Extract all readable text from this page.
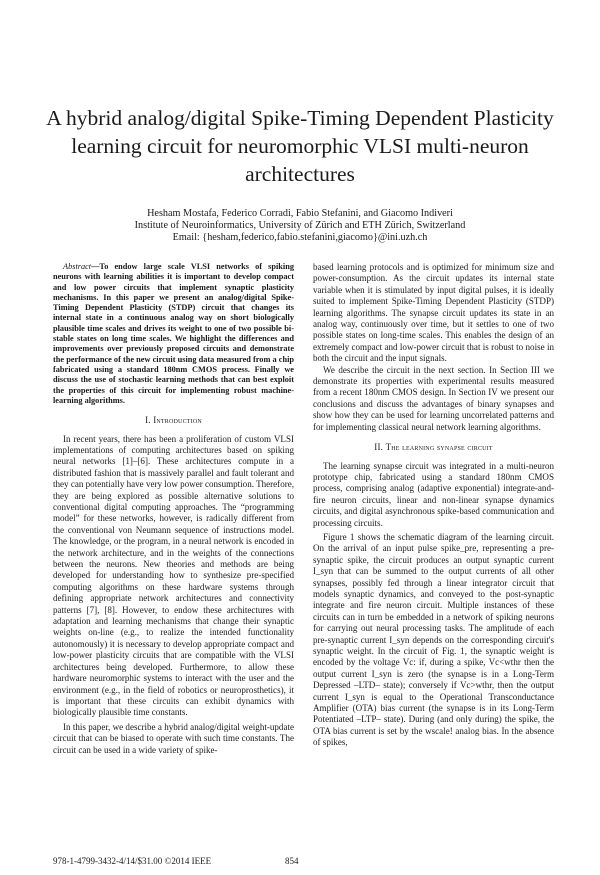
A hybrid analog/digital Spike-Timing Dependent Plasticity learning circuit for neuromorphic VLSI multi-neuron architectures
Hesham Mostafa, Federico Corradi, Fabio Stefanini, and Giacomo Indiveri
Institute of Neuroinformatics, University of Zürich and ETH Zürich, Switzerland
Email: {hesham,federico,fabio.stefanini,giacomo}@ini.uzh.ch

Abstract—To endow large scale VLSI networks of spiking neurons with learning abilities it is important to develop compact and low power circuits that implement synaptic plasticity mechanisms. In this paper we present an analog/digital Spike-Timing Dependent Plasticity (STDP) circuit that changes its internal state in a continuous analog way on short biologically plausible time scales and drives its weight to one of two possible bi-stable states on long time scales. We highlight the differences and improvements over previously proposed circuits and demonstrate the performance of the new circuit using data measured from a chip fabricated using a standard 180nm CMOS process. Finally we discuss the use of stochastic learning methods that can best exploit the properties of this circuit for implementing robust machine-learning algorithms.

I. Introduction

In recent years, there has been a proliferation of custom VLSI implementations of computing architectures based on spiking neural networks [1]–[6]. These architectures compute in a distributed fashion that is massively parallel and fault tolerant and they can potentially have very low power consumption. Therefore, they are being explored as possible alternative solutions to conventional digital computing approaches. The “programming model” for these networks, however, is radically different from the conventional von Neumann sequence of instructions model. The knowledge, or the program, in a neural network is encoded in the network architecture, and in the weights of the connections between the neurons. New theories and methods are being developed for understanding how to synthesize pre-specified computing algorithms on these hardware systems through defining appropriate network architectures and connectivity patterns [7], [8]. However, to endow these architectures with adaptation and learning mechanisms that change their synaptic weights on-line (e.g., to realize the intended functionality autonomously) it is necessary to develop appropriate compact and low-power plasticity circuits that are compatible with the VLSI architectures being developed. Furthermore, to allow these hardware neuromorphic systems to interact with the user and the environment (e.g., in the field of robotics or neuroprosthetics), it is important that these circuits can exhibit dynamics with biologically plausible time constants.

In this paper, we describe a hybrid analog/digital weight-update circuit that can be biased to operate with such time constants. The circuit can be used in a wide variety of spike-

based learning protocols and is optimized for minimum size and power-consumption. As the circuit updates its internal state variable when it is stimulated by input digital pulses, it is ideally suited to implement Spike-Timing Dependent Plasticity (STDP) learning algorithms. The synapse circuit updates its state in an analog way, continuously over time, but it settles to one of two possible states on long-time scales. This enables the design of an extremely compact and low-power circuit that is robust to noise in both the circuit and the input signals.

We describe the circuit in the next section. In Section III we demonstrate its properties with experimental results measured from a recent 180nm CMOS design. In Section IV we present our conclusions and discuss the advantages of binary synapses and show how they can be used for learning uncorrelated patterns and for implementing classical neural network learning algorithms.

II. The learning synapse circuit

The learning synapse circuit was integrated in a multi-neuron prototype chip, fabricated using a standard 180nm CMOS process, comprising analog (adaptive exponential) integrate-and-fire neuron circuits, linear and non-linear synapse dynamics circuits, and digital asynchronous spike-based communication and processing circuits.

Figure 1 shows the schematic diagram of the learning circuit. On the arrival of an input pulse spike_pre, representing a pre-synaptic spike, the circuit produces an output synaptic current I_syn that can be summed to the output currents of all other synapses, possibly fed through a linear integrator circuit that models synaptic dynamics, and conveyed to the post-synaptic integrate and fire neuron circuit. Multiple instances of these circuits can in turn be embedded in a network of spiking neurons for carrying out neural processing tasks. The amplitude of each pre-synaptic current I_syn depends on the corresponding circuit's synaptic weight. In the circuit of Fig. 1, the synaptic weight is encoded by the voltage Vc: if, during a spike, Vc<wthr then the output current I_syn is zero (the synapse is in a Long-Term Depressed –LTD– state); conversely if Vc>wthr, then the output current I_syn is equal to the Operational Transconductance Amplifier (OTA) bias current (the synapse is in its Long-Term Potentiated –LTP– state). During (and only during) the spike, the OTA bias current is set by the wscale! analog bias. In the absence of spikes,

978-1-4799-3432-4/14/$31.00 ©2014 IEEE	854
